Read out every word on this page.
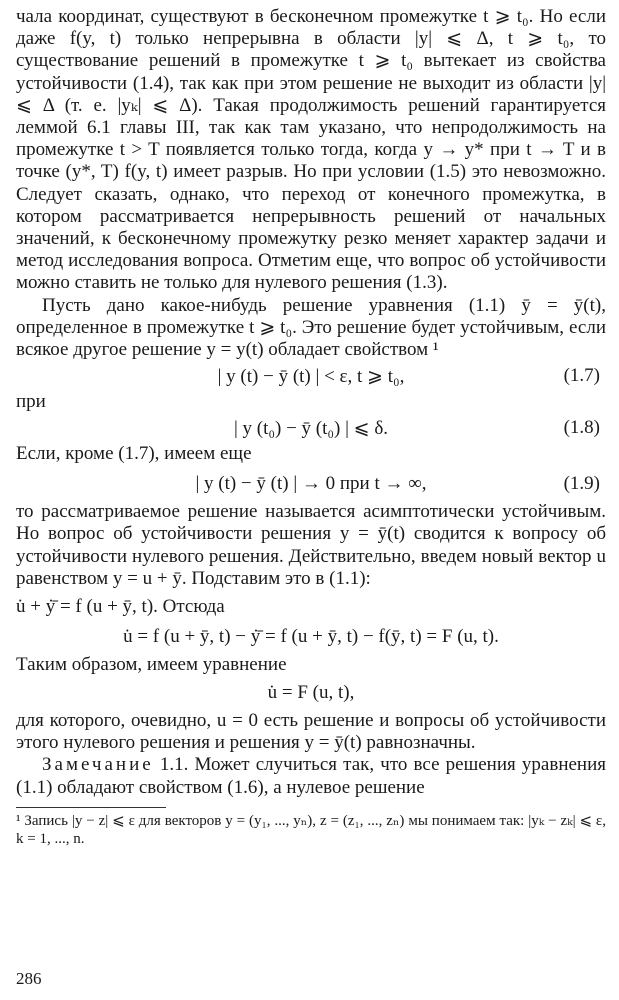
чала координат, существуют в бесконечном промежутке t ⩾ t₀. Но если даже f(y, t) только непрерывна в области |y| ⩽ Δ, t ⩾ t₀, то существование решений в промежутке t ⩾ t₀ вытекает из свойства устойчивости (1.4), так как при этом решение не выходит из области |y| ⩽ Δ (т. е. |yₖ| ⩽ Δ). Такая продолжимость решений гарантируется леммой 6.1 главы III, так как там указано, что непродолжимость на промежутке t > T появляется только тогда, когда y → y* при t → T и в точке (y*, T) f(y, t) имеет разрыв. Но при условии (1.5) это невозможно. Следует сказать, однако, что переход от конечного промежутка, в котором рассматривается непрерывность решений от начальных значений, к бесконечному промежутку резко меняет характер задачи и метод исследования вопроса. Отметим еще, что вопрос об устойчивости можно ставить не только для нулевого решения (1.3).

Пусть дано какое-нибудь решение уравнения (1.1) ȳ = ȳ(t), определенное в промежутке t ⩾ t₀. Это решение будет устойчивым, если всякое другое решение y = y(t) обладает свойством ¹

| y (t) − ȳ (t) | < ε, t ⩾ t₀,	(1.7)

при

| y (t₀) − ȳ (t₀) | ⩽ δ.	(1.8)

Если, кроме (1.7), имеем еще

| y (t) − ȳ (t) | → 0 при t → ∞,	(1.9)

то рассматриваемое решение называется асимптотически устойчивым. Но вопрос об устойчивости решения y = ȳ(t) сводится к вопросу об устойчивости нулевого решения. Действительно, введем новый вектор u равенством y = u + ȳ. Подставим это в (1.1):

u̇ + ẏ̄ = f (u + ȳ, t). Отсюда

u̇ = f (u + ȳ, t) − ẏ̄ = f (u + ȳ, t) − f(ȳ, t) = F (u, t).

Таким образом, имеем уравнение

u̇ = F (u, t),

для которого, очевидно, u = 0 есть решение и вопросы об устойчивости этого нулевого решения и решения y = ȳ(t) равнозначны.

Замечание 1.1. Может случиться так, что все решения уравнения (1.1) обладают свойством (1.6), а нулевое решение

¹ Запись |y − z| ⩽ ε для векторов y = (y₁, ..., yₙ), z = (z₁, ..., zₙ) мы понимаем так: |yₖ − zₖ| ⩽ ε, k = 1, ..., n.

286
